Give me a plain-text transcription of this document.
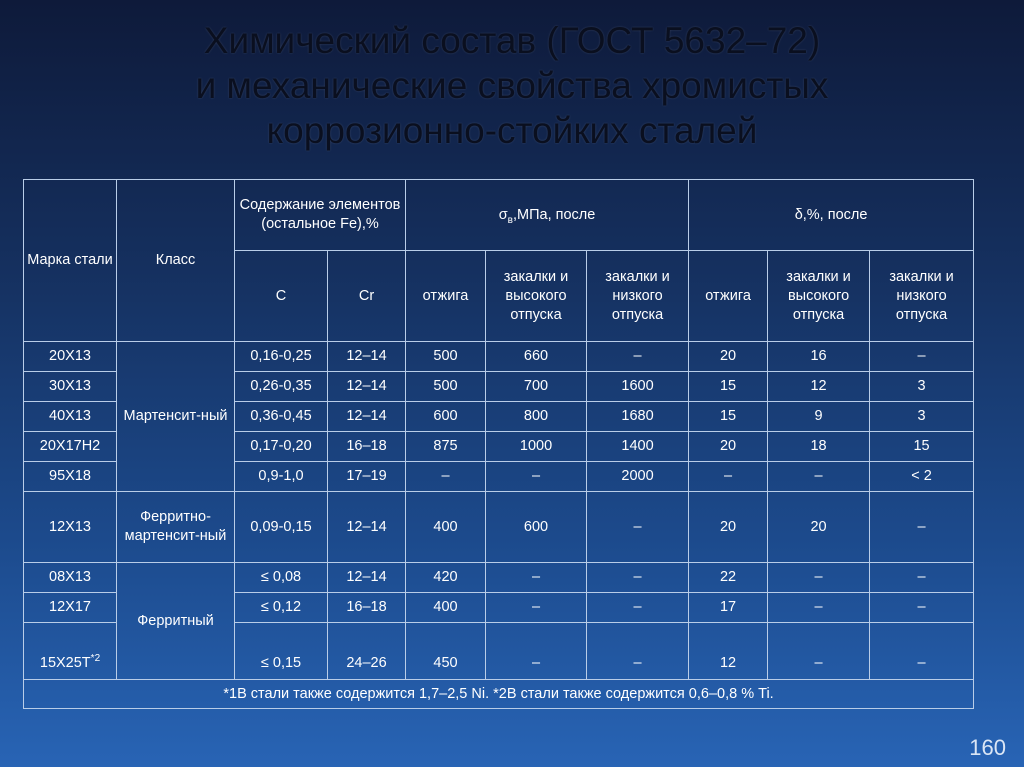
Химический состав (ГОСТ 5632–72)
и механические свойства хромистых
коррозионно-стойких сталей
Марка стали	Класс	Содержание элементов (остальное Fe),%		$\sigma_в,МПа$, после			δ,%, после		
		C	Cr	отжига	закалки и высокого отпуска	закалки и низкого отпуска	отжига	закалки и высокого отпуска	закалки и низкого отпуска
20Х13	Мартенсит-ный	0,16-0,25	12–14	500	660	–	20	16	–
30Х13		0,26-0,35	12–14	500	700	1600	15	12	3
40Х13		0,36-0,45	12–14	600	800	1680	15	9	3
20Х17Н2		0,17-0,20	16–18	875	1000	1400	20	18	15
95Х18		0,9-1,0	17–19	–	–	2000	–	–	< 2
12Х13	Ферритно-мартенсит-ный	0,09-0,15	12–14	400	600	–	20	20	–
08Х13	Ферритный	≤ 0,08	12–14	420	–	–	22	–	–
12Х17		≤ 0,12	16–18	400	–	–	17	–	–
$15Х25Т^{*2}$		≤ 0,15	24–26	450	–	–	12	–	–
*1В стали также содержится 1,7–2,5 Ni. *2В стали также содержится 0,6–0,8 % Ti.									
160
